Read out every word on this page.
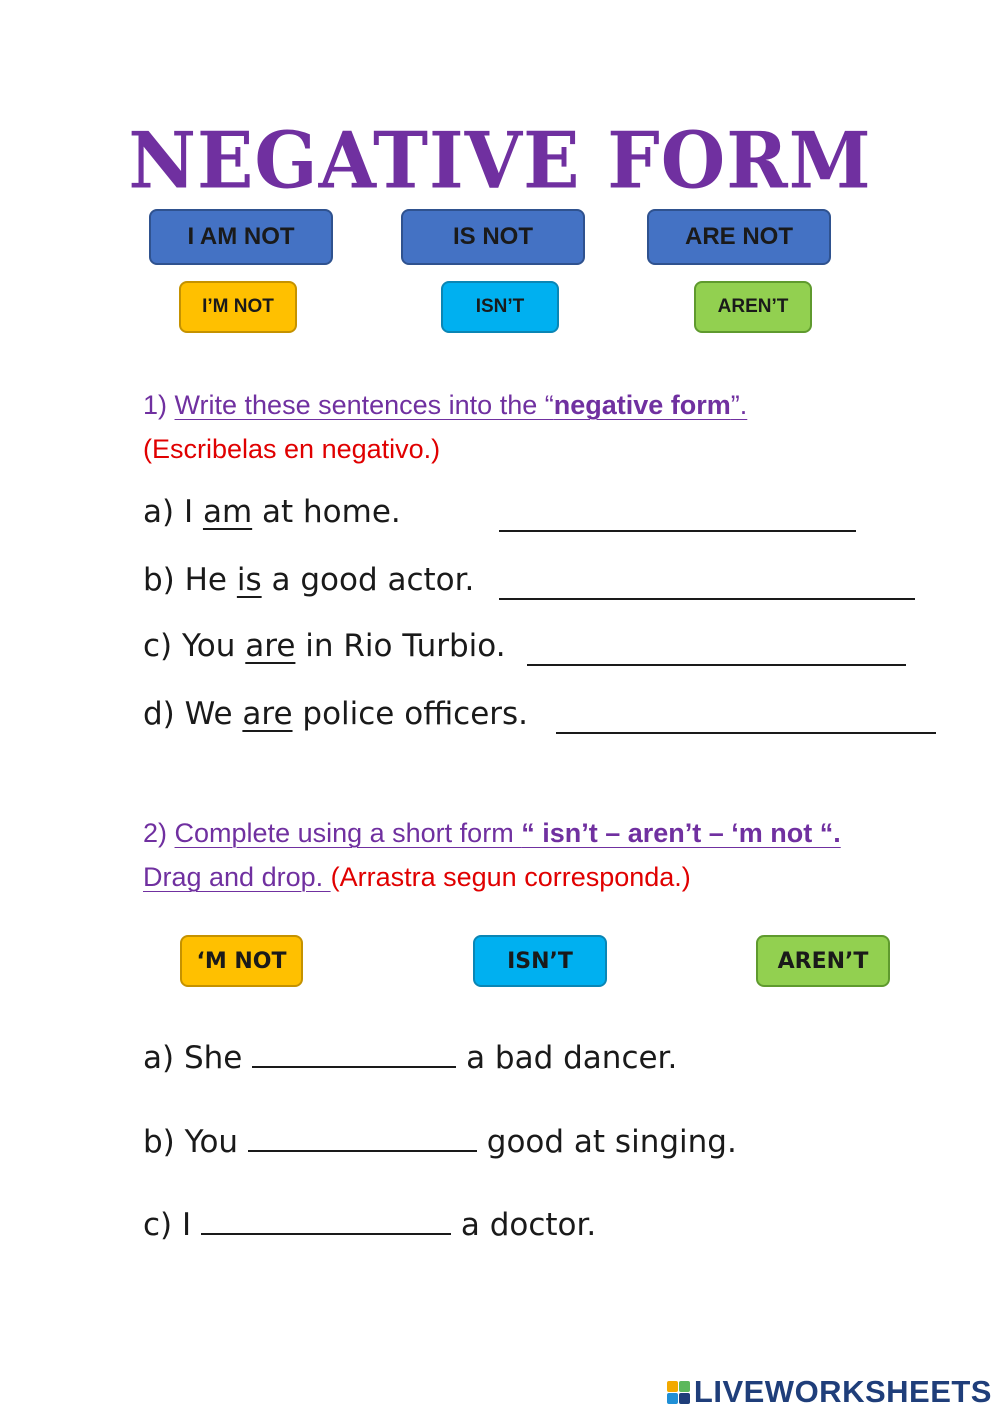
NEGATIVE FORM
I AM NOT	IS NOT	ARE NOT
I’M NOT	ISN’T	AREN’T
1) Write these sentences into the “negative form”.
(Escribelas en negativo.)
a) I am at home.
b) He is a good actor.
c) You are in Rio Turbio.
d) We are police officers.
2) Complete using a short form “ isn’t – aren’t – ‘m not “.
Drag and drop. (Arrastra segun corresponda.)
‘M NOT	ISN’T	AREN’T
a) She	a bad dancer.
b) You	good at singing.
c) I	a doctor.
LIVEWORKSHEETS
